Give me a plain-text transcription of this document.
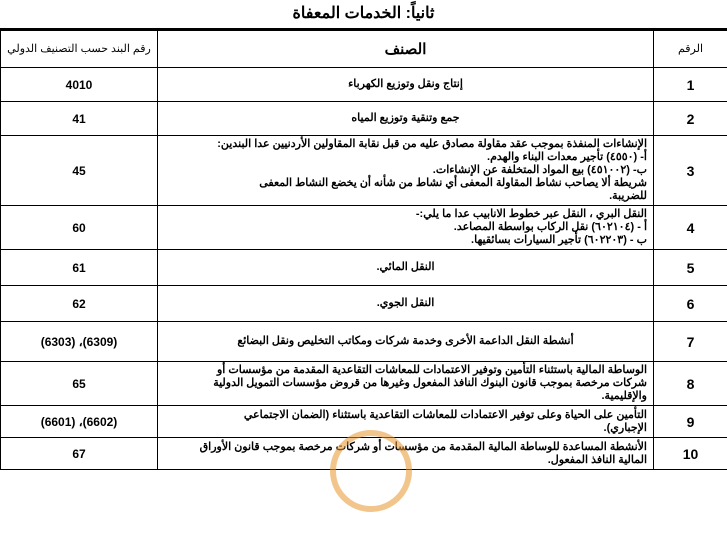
ثانياً: الخدمات المعفاة
الرقم	الصنف	رقم البند حسب التصنيف الدولي
1	إنتاج ونقل وتوزيع الكهرباء	4010
2	جمع وتنقية وتوزيع المياه	41
3	الإنشاءات المنفذة بموجب عقد مقاولة مصادق عليه من قبل نقابة المقاولين الأردنيين عدا البندين:
أ- (٤٥٥٠) تأجير معدات البناء والهدم.
ب- (٤٥١٠٠٢) بيع المواد المتخلفة عن الإنشاءات.
شريطة ألا يصاحب نشاط المقاولة المعفى أي نشاط من شأنه أن يخضع النشاط المعفى
للضريبة.	45
4	النقل البري ، النقل عبر خطوط الانابيب عدا ما يلي:-
أ - (٦٠٢١٠٤) نقل الركاب بواسطة المصاعد.
ب - (٦٠٢٢٠٣) تأجير السيارات بسائقيها.	60
5	النقل المائي.	61
6	النقل الجوي.	62
7	أنشطة النقل الداعمة الأخرى وخدمة شركات ومكاتب التخليص ونقل البضائع	(6303) ،(6309)
8	الوساطة المالية باستثناء التأمين وتوفير الاعتمادات للمعاشات التقاعدية المقدمة من مؤسسات أو
شركات مرخصة بموجب قانون البنوك النافذ المفعول وغيرها من قروض مؤسسات التمويل الدولية
والإقليمية.	65
9	التأمين على الحياة وعلى توفير الاعتمادات للمعاشات التقاعدية باستثناء (الضمان الاجتماعي
الإجباري).	(6601) ،(6602)
10	الأنشطة المساعدة للوساطة المالية المقدمة من مؤسسات أو شركات مرخصة بموجب قانون الأوراق
المالية النافذ المفعول.	67
